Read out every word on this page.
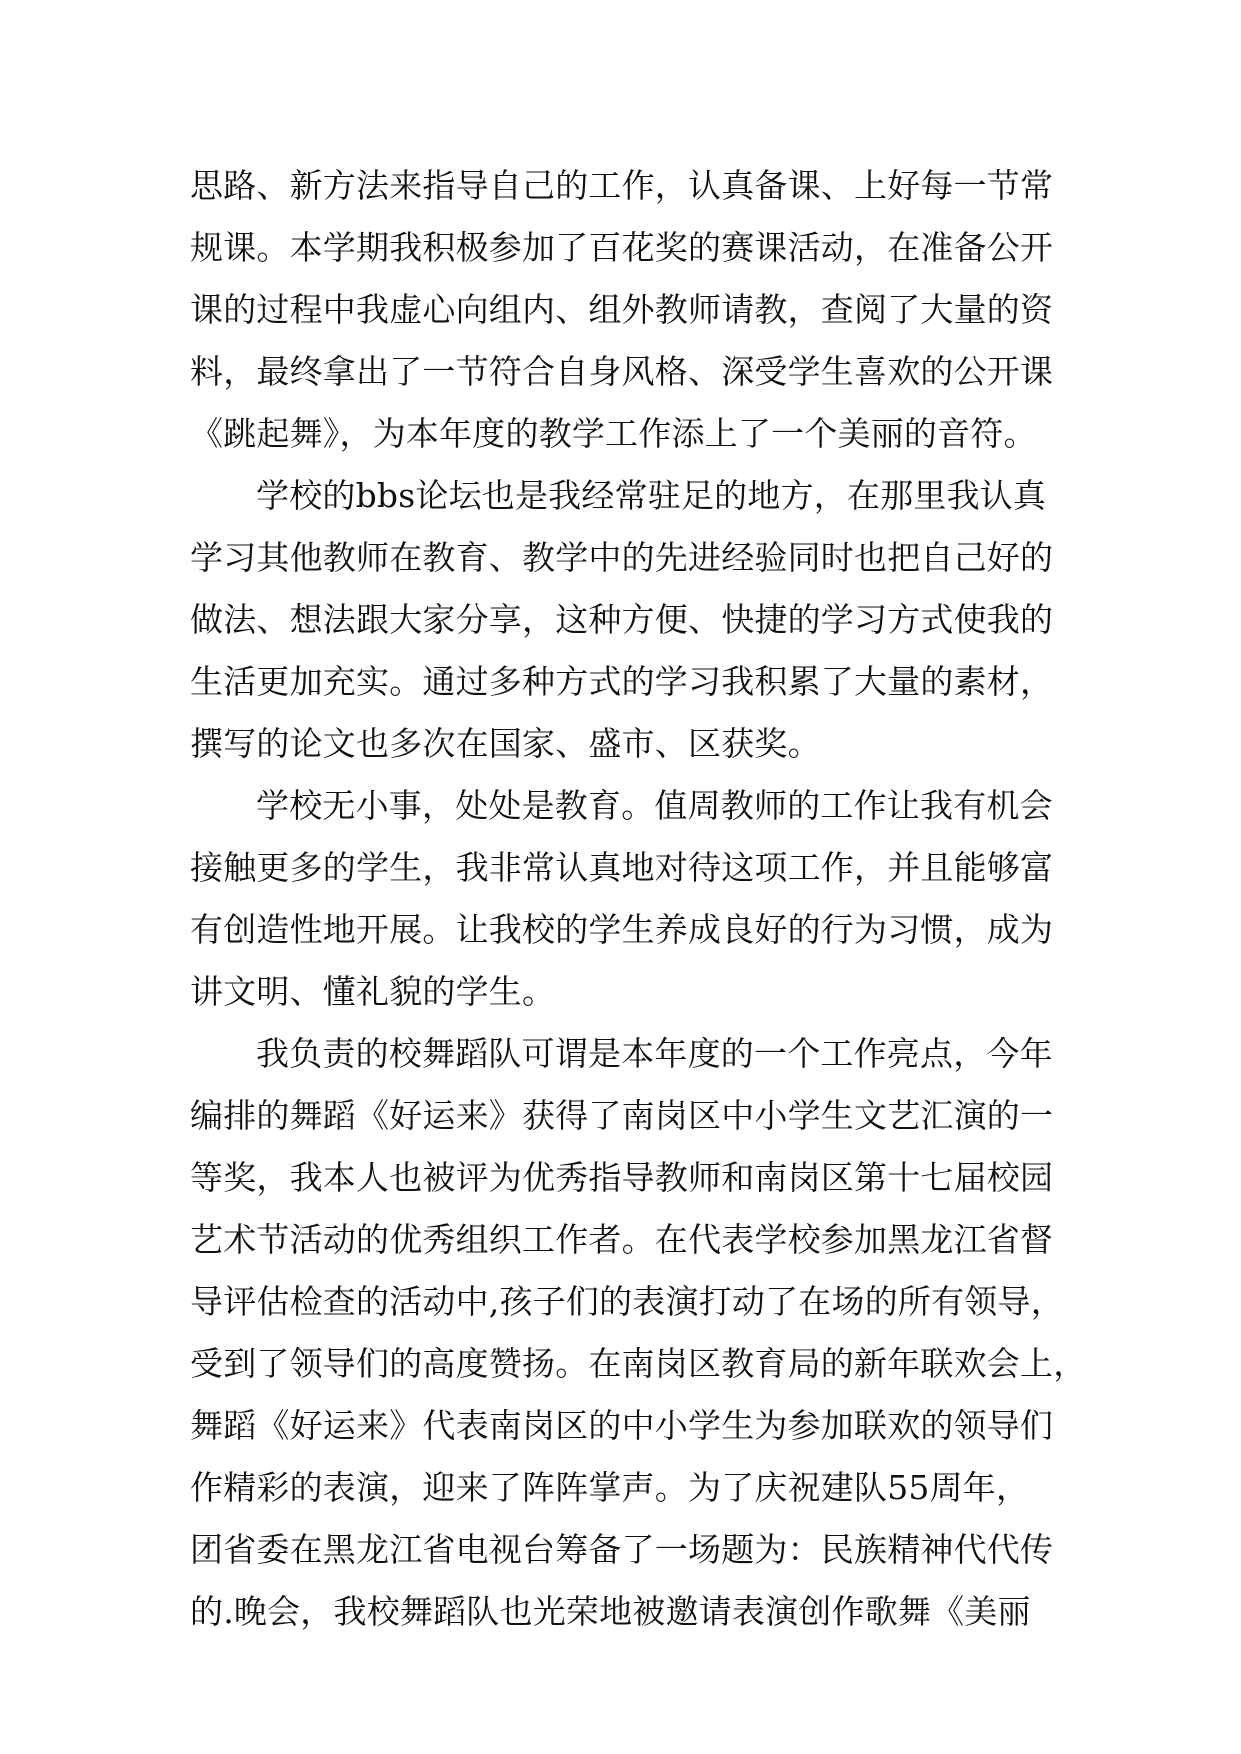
思路、新方法来指导自己的工作，认真备课、上好每一节常
规课。本学期我积极参加了百花奖的赛课活动，在准备公开
课的过程中我虚心向组内、组外教师请教，查阅了大量的资
料，最终拿出了一节符合自身风格、深受学生喜欢的公开课
《跳起舞》，为本年度的教学工作添上了一个美丽的音符。
学校的bbs论坛也是我经常驻足的地方，在那里我认真
学习其他教师在教育、教学中的先进经验同时也把自己好的
做法、想法跟大家分享，这种方便、快捷的学习方式使我的
生活更加充实。通过多种方式的学习我积累了大量的素材，
撰写的论文也多次在国家、盛市、区获奖。
学校无小事，处处是教育。值周教师的工作让我有机会
接触更多的学生，我非常认真地对待这项工作，并且能够富
有创造性地开展。让我校的学生养成良好的行为习惯，成为
讲文明、懂礼貌的学生。
我负责的校舞蹈队可谓是本年度的一个工作亮点，今年
编排的舞蹈《好运来》获得了南岗区中小学生文艺汇演的一
等奖，我本人也被评为优秀指导教师和南岗区第十七届校园
艺术节活动的优秀组织工作者。在代表学校参加黑龙江省督
导评估检查的活动中,孩子们的表演打动了在场的所有领导，
受到了领导们的高度赞扬。在南岗区教育局的新年联欢会上，
舞蹈《好运来》代表南岗区的中小学生为参加联欢的领导们
作精彩的表演，迎来了阵阵掌声。为了庆祝建队55周年，
团省委在黑龙江省电视台筹备了一场题为：民族精神代代传
的.晚会，我校舞蹈队也光荣地被邀请表演创作歌舞《美丽
